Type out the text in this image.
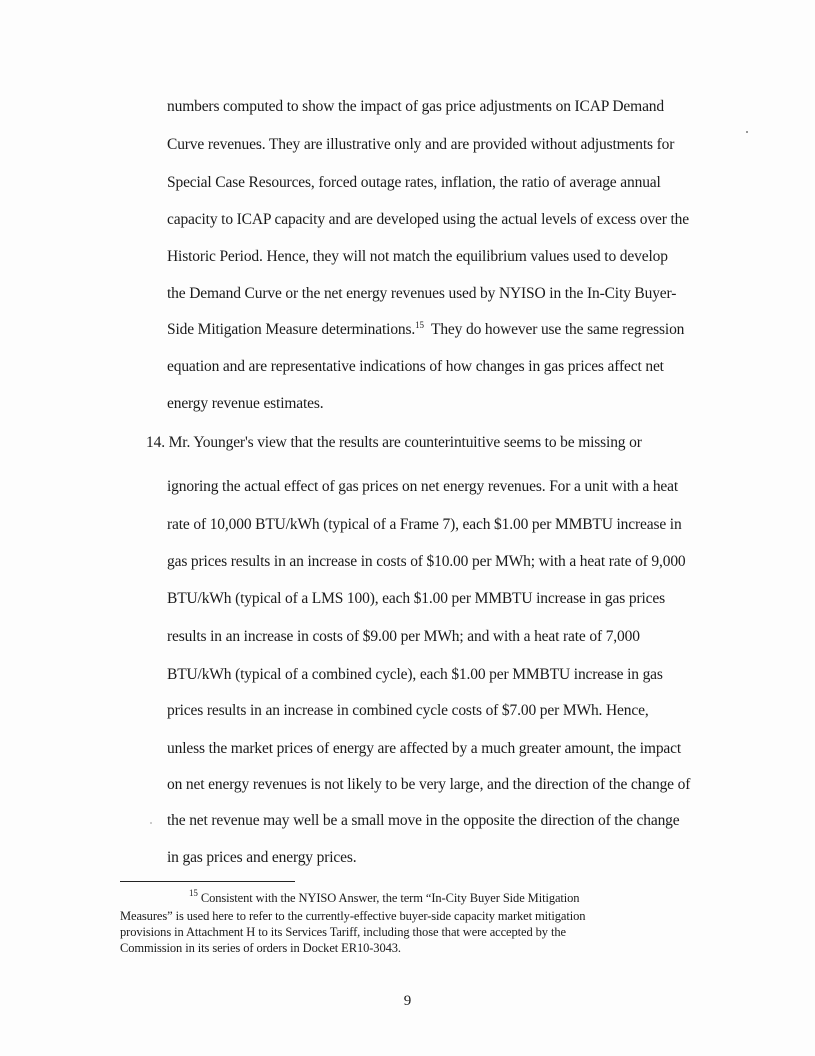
numbers computed to show the impact of gas price adjustments on ICAP Demand
Curve revenues. They are illustrative only and are provided without adjustments for
Special Case Resources, forced outage rates, inflation, the ratio of average annual
capacity to ICAP capacity and are developed using the actual levels of excess over the
Historic Period. Hence, they will not match the equilibrium values used to develop
the Demand Curve or the net energy revenues used by NYISO in the In-City Buyer-
Side Mitigation Measure determinations.$^{15}$  They do however use the same regression
equation and are representative indications of how changes in gas prices affect net
energy revenue estimates.
14. Mr. Younger's view that the results are counterintuitive seems to be missing or
ignoring the actual effect of gas prices on net energy revenues. For a unit with a heat
rate of 10,000 BTU/kWh (typical of a Frame 7), each $1.00 per MMBTU increase in
gas prices results in an increase in costs of $10.00 per MWh; with a heat rate of 9,000
BTU/kWh (typical of a LMS 100), each $1.00 per MMBTU increase in gas prices
results in an increase in costs of $9.00 per MWh; and with a heat rate of 7,000
BTU/kWh (typical of a combined cycle), each $1.00 per MMBTU increase in gas
prices results in an increase in combined cycle costs of $7.00 per MWh. Hence,
unless the market prices of energy are affected by a much greater amount, the impact
on net energy revenues is not likely to be very large, and the direction of the change of
the net revenue may well be a small move in the opposite the direction of the change
in gas prices and energy prices.
$^{15}$ Consistent with the NYISO Answer, the term “In-City Buyer Side Mitigation
Measures” is used here to refer to the currently-effective buyer-side capacity market mitigation
provisions in Attachment H to its Services Tariff, including those that were accepted by the
Commission in its series of orders in Docket ER10-3043.
9
